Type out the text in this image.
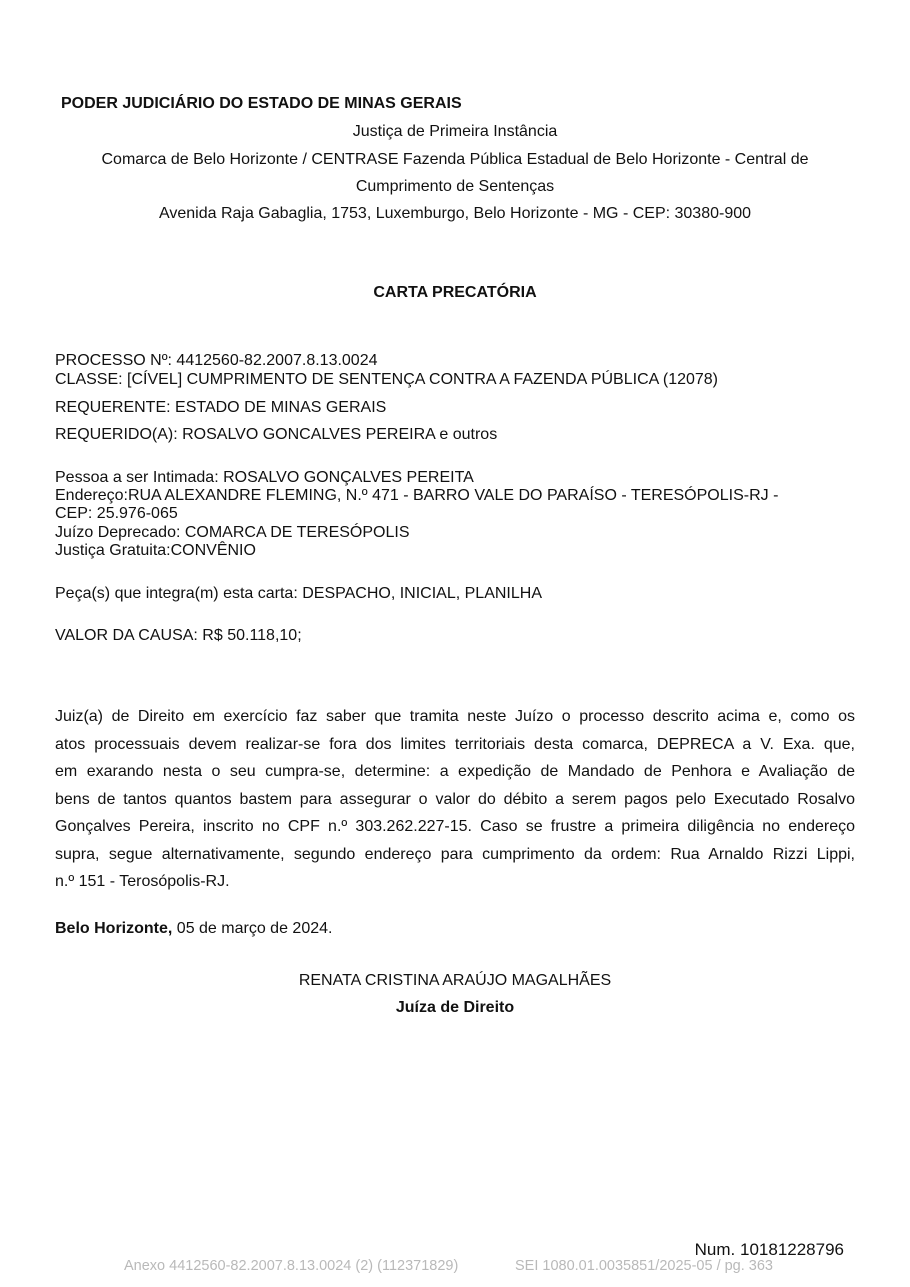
PODER JUDICIÁRIO DO ESTADO DE MINAS GERAIS
Justiça de Primeira Instância
Comarca de Belo Horizonte / CENTRASE Fazenda Pública Estadual de Belo Horizonte - Central de
Cumprimento de Sentenças
Avenida Raja Gabaglia, 1753, Luxemburgo, Belo Horizonte - MG - CEP: 30380-900
CARTA PRECATÓRIA
PROCESSO Nº: 4412560-82.2007.8.13.0024
CLASSE: [CÍVEL] CUMPRIMENTO DE SENTENÇA CONTRA A FAZENDA PÚBLICA (12078)
REQUERENTE: ESTADO DE MINAS GERAIS
REQUERIDO(A): ROSALVO GONCALVES PEREIRA e outros
Pessoa a ser Intimada: ROSALVO GONÇALVES PEREITA
Endereço:RUA ALEXANDRE FLEMING, N.º 471 - BARRO VALE DO PARAÍSO - TERESÓPOLIS-RJ -
CEP: 25.976-065
Juízo Deprecado: COMARCA DE TERESÓPOLIS
Justiça Gratuita:CONVÊNIO
Peça(s) que integra(m) esta carta: DESPACHO, INICIAL, PLANILHA
VALOR DA CAUSA: R$ 50.118,10;
Juiz(a) de Direito em exercício faz saber que tramita neste Juízo o processo descrito acima e, como os
atos processuais devem realizar-se fora dos limites territoriais desta comarca, DEPRECA a V. Exa. que,
em exarando nesta o seu cumpra-se, determine: a expedição de Mandado de Penhora e Avaliação de
bens de tantos quantos bastem para assegurar o valor do débito a serem pagos pelo Executado Rosalvo
Gonçalves Pereira, inscrito no CPF n.º 303.262.227-15. Caso se frustre a primeira diligência no endereço
supra, segue alternativamente, segundo endereço para cumprimento da ordem: Rua Arnaldo Rizzi Lippi,
n.º 151 - Terosópolis-RJ.
Belo Horizonte, 05 de março de 2024.
RENATA CRISTINA ARAÚJO MAGALHÃES
Juíza de Direito
Num. 10181228796
Anexo 4412560-82.2007.8.13.0024 (2) (112371829)	SEI 1080.01.0035851/2025-05 / pg. 363
